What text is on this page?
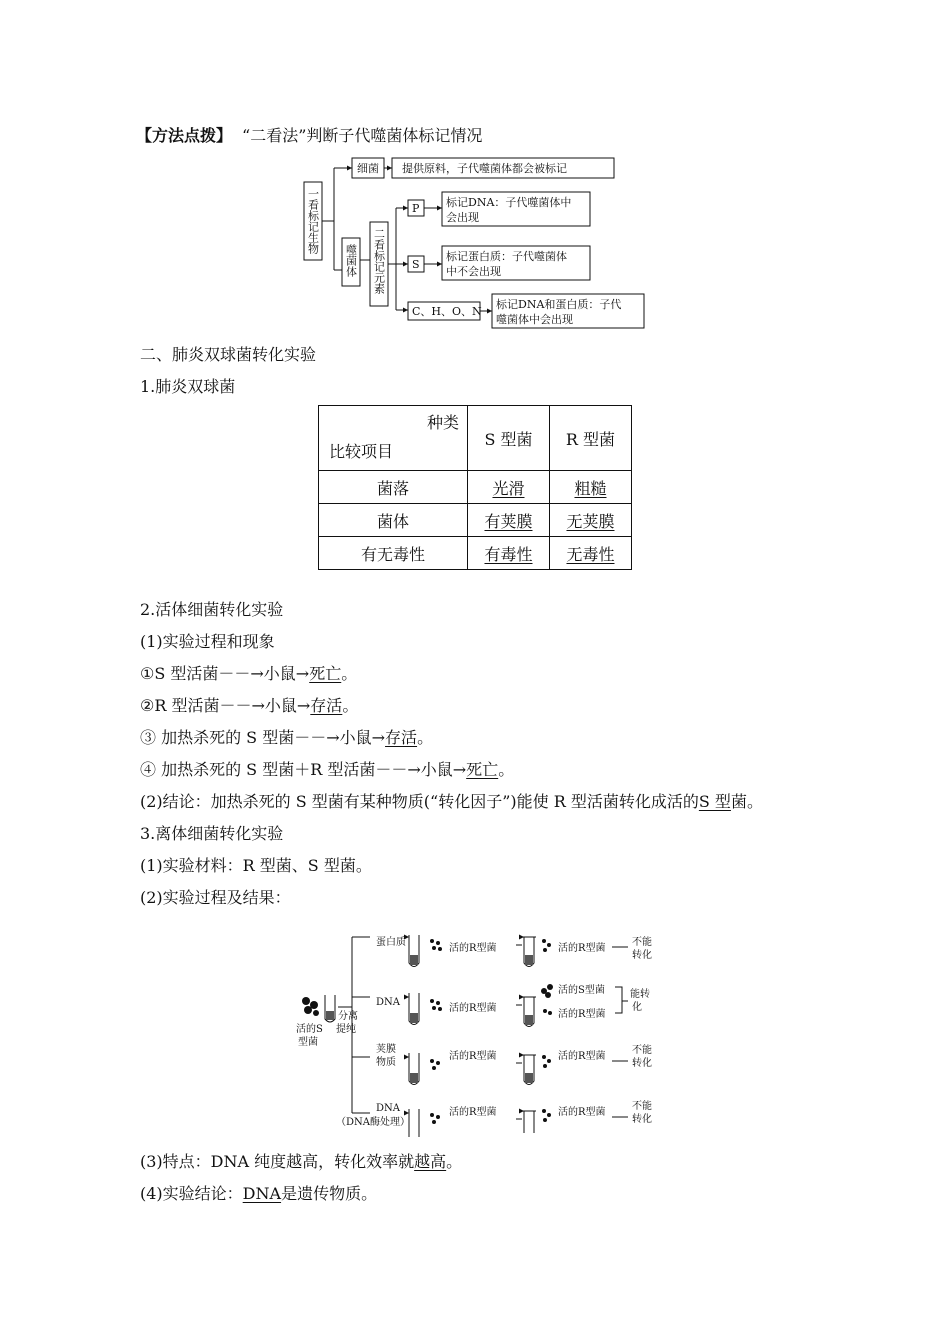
【方法点拨】 “二看法”判断子代噬菌体标记情况
一看标记生物
细菌 提供原料，子代噬菌体都会被标记
噬菌体 二看标记元素
P 标记DNA：子代噬菌体中
会出现
S
标记蛋白质：子代噬菌体
中不会出现
C、H、O、N
标记DNA和蛋白质：子代
噬菌体中会出现
二、肺炎双球菌转化实验
1.肺炎双球菌
种类
比较项目	S 型菌	R 型菌
菌落	光滑	粗糙
菌体	有荚膜	无荚膜
有无毒性	有毒性	无毒性
2.活体细菌转化实验
(1)实验过程和现象
①S 型活菌－－→小鼠→死亡。
②R 型活菌－－→小鼠→存活。
③ 加热杀死的 S 型菌－－→小鼠→存活。
④ 加热杀死的 S 型菌＋R 型活菌－－→小鼠→死亡。
(2)结论：加热杀死的 S 型菌有某种物质(“转化因子”)能使 R 型活菌转化成活的S 型菌。
3.离体细菌转化实验
(1)实验材料：R 型菌、S 型菌。
(2)实验过程及结果：
活的S
型菌
分离
提纯
蛋白质
DNA
荚膜
物质
DNA
（DNA酶处理）
活的R型菌
活的R型菌
活的R型菌
活的R型菌
活的R型菌
活的S型菌
活的R型菌
活的R型菌
活的R型菌
不能
转化
能转
化
不能
转化
不能
转化
(3)特点：DNA 纯度越高，转化效率就越高。
(4)实验结论：DNA是遗传物质。
